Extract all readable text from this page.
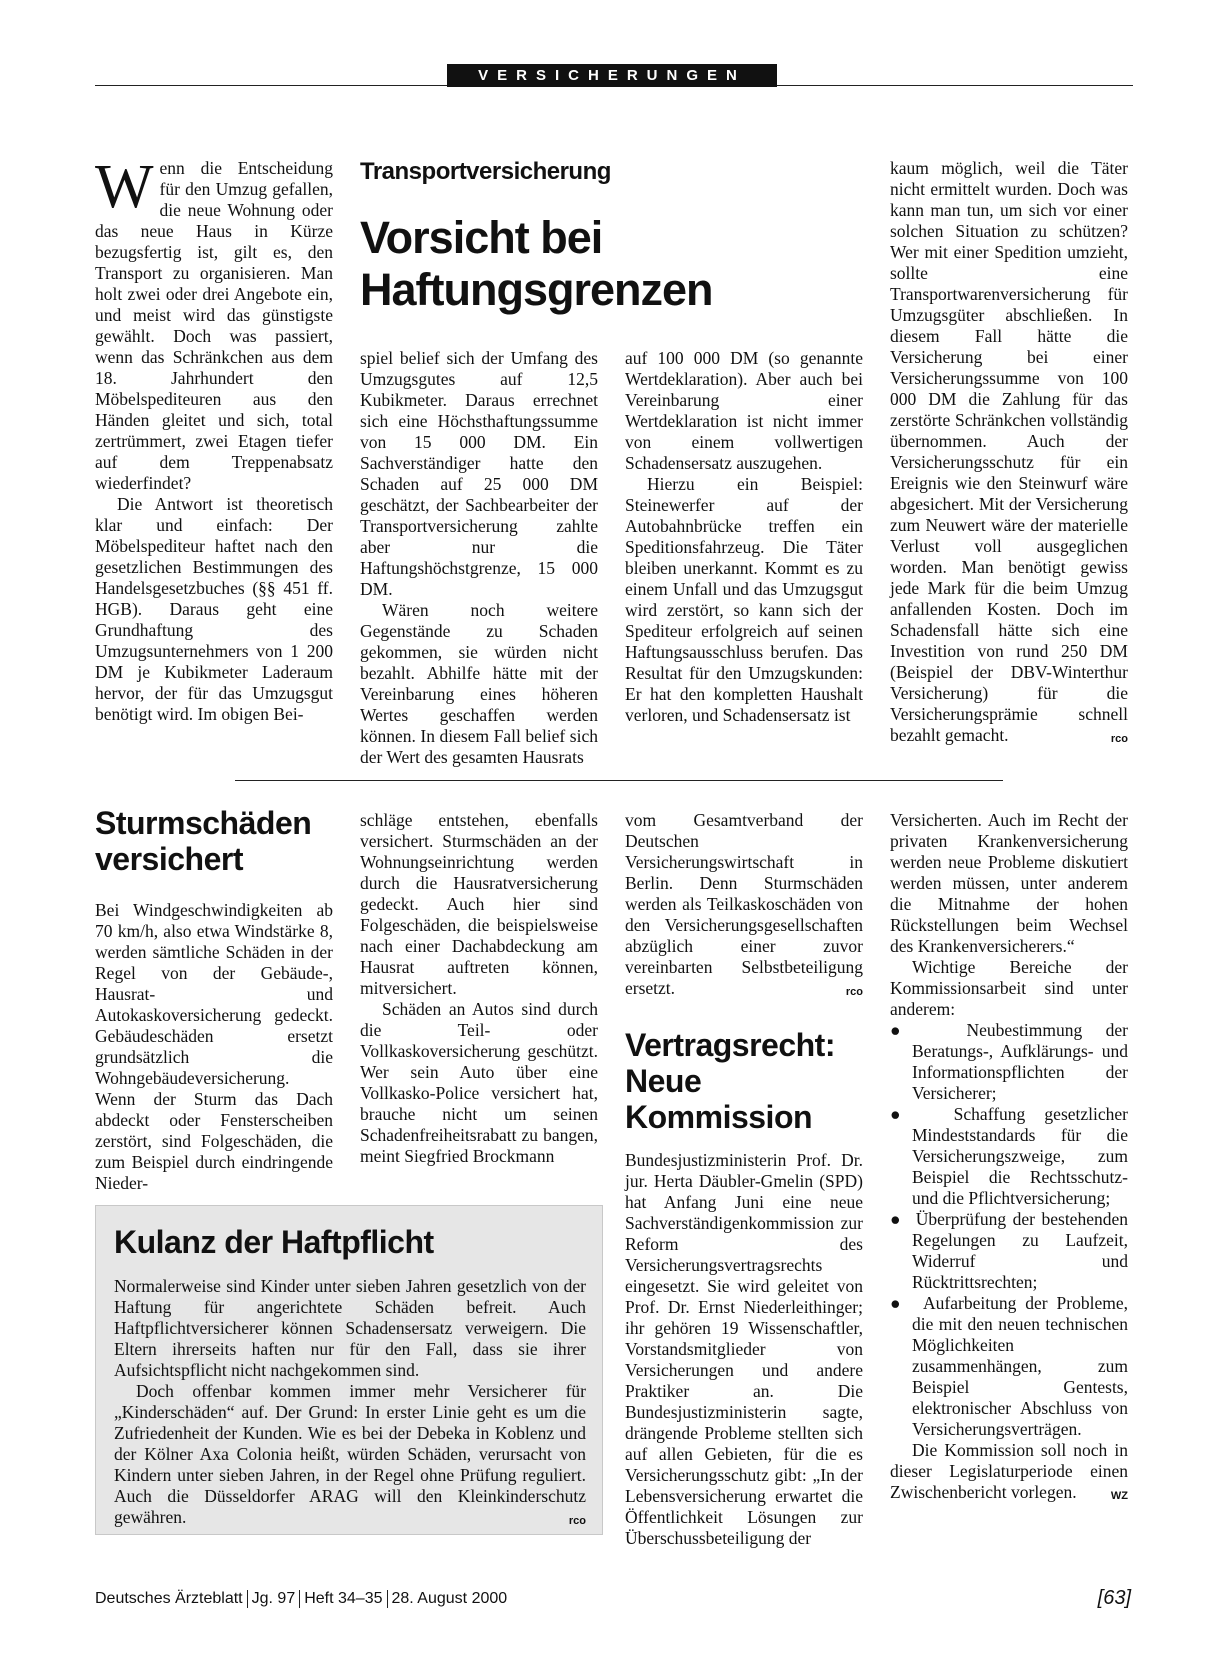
VERSICHERUNGEN

Wenn die Entscheidung für den Umzug gefallen, die neue Wohnung oder das neue Haus in Kürze bezugsfertig ist, gilt es, den Transport zu organisieren. Man holt zwei oder drei Angebote ein, und meist wird das günstigste gewählt. Doch was passiert, wenn das Schränkchen aus dem 18. Jahrhundert den Möbelspediteuren aus den Händen gleitet und sich, total zertrümmert, zwei Etagen tiefer auf dem Treppenabsatz wiederfindet?

Die Antwort ist theoretisch klar und einfach: Der Möbelspediteur haftet nach den gesetzlichen Bestimmungen des Handelsgesetzbuches (§§ 451 ff. HGB). Daraus geht eine Grundhaftung des Umzugsunternehmers von 1 200 DM je Kubikmeter Laderaum hervor, der für das Umzugsgut benötigt wird. Im obigen Bei-

Transportversicherung
Vorsicht bei Haftungsgrenzen

spiel belief sich der Umfang des Umzugsgutes auf 12,5 Kubikmeter. Daraus errechnet sich eine Höchsthaftungssumme von 15 000 DM. Ein Sachverständiger hatte den Schaden auf 25 000 DM geschätzt, der Sachbearbeiter der Transportversicherung zahlte aber nur die Haftungshöchstgrenze, 15 000 DM.

Wären noch weitere Gegenstände zu Schaden gekommen, sie würden nicht bezahlt. Abhilfe hätte mit der Vereinbarung eines höheren Wertes geschaffen werden können. In diesem Fall belief sich der Wert des gesamten Hausrats

auf 100 000 DM (so genannte Wertdeklaration). Aber auch bei Vereinbarung einer Wertdeklaration ist nicht immer von einem vollwertigen Schadensersatz auszugehen.

Hierzu ein Beispiel: Steinewerfer auf der Autobahnbrücke treffen ein Speditionsfahrzeug. Die Täter bleiben unerkannt. Kommt es zu einem Unfall und das Umzugsgut wird zerstört, so kann sich der Spediteur erfolgreich auf seinen Haftungsausschluss berufen. Das Resultat für den Umzugskunden: Er hat den kompletten Haushalt verloren, und Schadensersatz ist

kaum möglich, weil die Täter nicht ermittelt wurden. Doch was kann man tun, um sich vor einer solchen Situation zu schützen? Wer mit einer Spedition umzieht, sollte eine Transportwarenversicherung für Umzugsgüter abschließen. In diesem Fall hätte die Versicherung bei einer Versicherungssumme von 100 000 DM die Zahlung für das zerstörte Schränkchen vollständig übernommen. Auch der Versicherungsschutz für ein Ereignis wie den Steinwurf wäre abgesichert. Mit der Versicherung zum Neuwert wäre der materielle Verlust voll ausgeglichen worden. Man benötigt gewiss jede Mark für die beim Umzug anfallenden Kosten. Doch im Schadensfall hätte sich eine Investition von rund 250 DM (Beispiel der DBV-Winterthur Versicherung) für die Versicherungsprämie schnell bezahlt gemacht.	rco

Sturmschäden versichert

Bei Windgeschwindigkeiten ab 70 km/h, also etwa Windstärke 8, werden sämtliche Schäden in der Regel von der Gebäude-, Hausrat- und Autokaskoversicherung gedeckt. Gebäudeschäden ersetzt grundsätzlich die Wohngebäudeversicherung. Wenn der Sturm das Dach abdeckt oder Fensterscheiben zerstört, sind Folgeschäden, die zum Beispiel durch eindringende Nieder-

schläge entstehen, ebenfalls versichert. Sturmschäden an der Wohnungseinrichtung werden durch die Hausratversicherung gedeckt. Auch hier sind Folgeschäden, die beispielsweise nach einer Dachabdeckung am Hausrat auftreten können, mitversichert.

Schäden an Autos sind durch die Teil- oder Vollkaskoversicherung geschützt. Wer sein Auto über eine Vollkasko-Police versichert hat, brauche nicht um seinen Schadenfreiheitsrabatt zu bangen, meint Siegfried Brockmann

vom Gesamtverband der Deutschen Versicherungswirtschaft in Berlin. Denn Sturmschäden werden als Teilkaskoschäden von den Versicherungsgesellschaften abzüglich einer zuvor vereinbarten Selbstbeteiligung ersetzt.	rco

Vertragsrecht: Neue Kommission

Bundesjustizministerin Prof. Dr. jur. Herta Däubler-Gmelin (SPD) hat Anfang Juni eine neue Sachverständigenkommission zur Reform des Versicherungsvertragsrechts eingesetzt. Sie wird geleitet von Prof. Dr. Ernst Niederleithinger; ihr gehören 19 Wissenschaftler, Vorstandsmitglieder von Versicherungen und andere Praktiker an. Die Bundesjustizministerin sagte, drängende Probleme stellten sich auf allen Gebieten, für die es Versicherungsschutz gibt: „In der Lebensversicherung erwartet die Öffentlichkeit Lösungen zur Überschussbeteiligung der

Versicherten. Auch im Recht der privaten Krankenversicherung werden neue Probleme diskutiert werden müssen, unter anderem die Mitnahme der hohen Rückstellungen beim Wechsel des Krankenversicherers.“

Wichtige Bereiche der Kommissionsarbeit sind unter anderem:

●  Neubestimmung der Beratungs-, Aufklärungs- und Informationspflichten der Versicherer;
●  Schaffung gesetzlicher Mindeststandards für die Versicherungszweige, zum Beispiel die Rechtsschutz- und die Pflichtversicherung;
●  Überprüfung der bestehenden Regelungen zu Laufzeit, Widerruf und Rücktrittsrechten;
●  Aufarbeitung der Probleme, die mit den neuen technischen Möglichkeiten zusammenhängen, zum Beispiel Gentests, elektronischer Abschluss von Versicherungsverträgen.

Die Kommission soll noch in dieser Legislaturperiode einen Zwischenbericht vorlegen.	WZ

Kulanz der Haftpflicht

Normalerweise sind Kinder unter sieben Jahren gesetzlich von der Haftung für angerichtete Schäden befreit. Auch Haftpflichtversicherer können Schadensersatz verweigern. Die Eltern ihrerseits haften nur für den Fall, dass sie ihrer Aufsichtspflicht nicht nachgekommen sind.

Doch offenbar kommen immer mehr Versicherer für „Kinderschäden“ auf. Der Grund: In erster Linie geht es um die Zufriedenheit der Kunden. Wie es bei der Debeka in Koblenz und der Kölner Axa Colonia heißt, würden Schäden, verursacht von Kindern unter sieben Jahren, in der Regel ohne Prüfung reguliert. Auch die Düsseldorfer ARAG will den Kleinkinderschutz gewähren.	rco

Deutsches Ärzteblatt Jg. 97 Heft 34–35 28. August 2000	[63]
